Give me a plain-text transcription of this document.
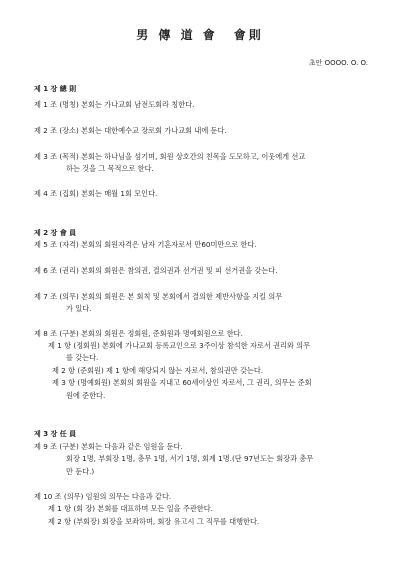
男 傳 道 會 會則
초안 OOOO. O. O.
제 1 장 總 則
제 1 조 (명칭) 본회는 가나교회 남전도회라 칭한다.
제 2 조 (장소) 본회는 대한예수교 장로회 가나교회 내에 둔다.
제 3 조 (목적) 본회는 하나님을 섬기며, 회원 상호간의 친목을 도모하고, 이웃에게 선교
하는 것을 그 목적으로 한다.
제 4 조 (집회) 본회는 매월 1회 모인다.
제 2 장 會 員
제 5 조 (자격) 본회의 회원자격은 남자 기혼자로서 만60미만으로 한다.
제 6 조 (권리) 본회의 회원은 참의권, 결의권과 선거권 및 피 선거권을 갖는다.
제 7 조 (의무) 본회의 회원은 본 회칙 및 본회에서 결의한 제반사항을 지킬 의무
가 있다.
제 8 조 (구분) 본회의 회원은 정회원, 준회원과 명예회원으로 한다.
제 1 항 (정회원) 본회에 가나교회 등록교인으로 3주이상 참석한 자로서 권리와 의무
를 갖는다.
제 2 항 (준회원) 제 1 항에 해당되지 않는 자로서, 참의권만 갖는다.
제 3 항 (명예회원) 본회의 회원을 지내고 60세이상인 자로서, 그 권리, 의무는 준회
원에 준한다.
제 3 장 任 員
제 9 조 (구분) 본회는 다음과 같은 임원을 둔다.
회장 1명, 부회장 1명, 총무 1명, 서기 1명, 회계 1명.(단 97년도는 회장과 총무
만 둔다.)
제 10 조 (의무) 임원의 의무는 다음과 같다.
제 1 항 (회 장) 본회를 대표하며 모든 일을 주관한다.
제 2 항 (부회장) 회장을 보좌하며, 회장 유고시 그 직무를 대행한다.
